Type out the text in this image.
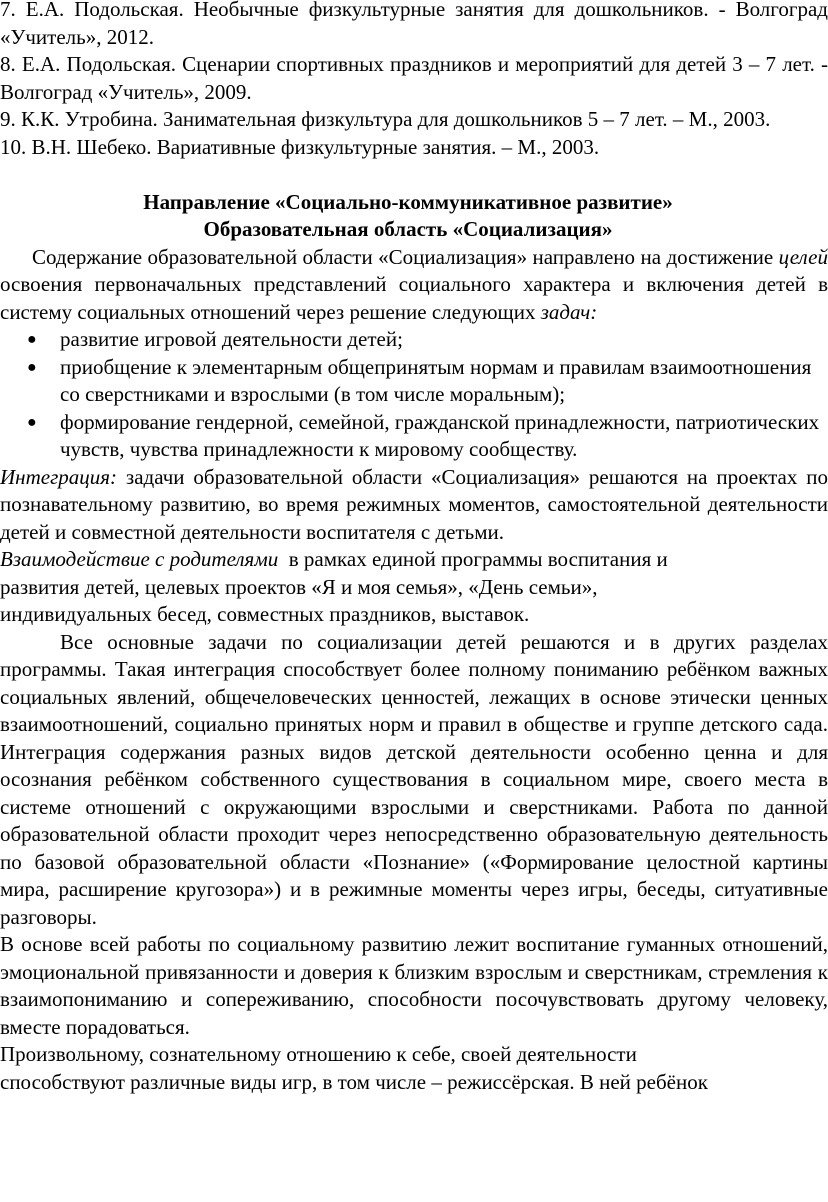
7. Е.А. Подольская. Необычные физкультурные занятия для дошкольников. - Волгоград «Учитель», 2012.

8. Е.А. Подольская. Сценарии спортивных праздников и мероприятий для детей 3 – 7 лет. - Волгоград «Учитель», 2009.

9. К.К. Утробина. Занимательная физкультура для дошкольников 5 – 7 лет. – М., 2003.

10. В.Н. Шебеко. Вариативные физкультурные занятия. – М., 2003.

Направление «Социально-коммуникативное развитие»

Образовательная область «Социализация»

Содержание образовательной области «Социализация» направлено на достижение целей освоения первоначальных представлений социального характера и включения детей в систему социальных отношений через решение следующих задач:

● развитие игровой деятельности детей;
● приобщение к элементарным общепринятым нормам и правилам взаимоотношения со сверстниками и взрослыми (в том числе моральным);
● формирование гендерной, семейной, гражданской принадлежности, патриотических чувств, чувства принадлежности к мировому сообществу.

Интеграция: задачи образовательной области «Социализация» решаются на проектах по познавательному развитию, во время режимных моментов, самостоятельной деятельности детей и совместной деятельности воспитателя с детьми.

Взаимодействие с родителями  в рамках единой программы воспитания и
развития детей, целевых проектов «Я и моя семья», «День семьи»,
индивидуальных бесед, совместных праздников, выставок.

Все основные задачи по социализации детей решаются и в других разделах программы. Такая интеграция способствует более полному пониманию ребёнком важных социальных явлений, общечеловеческих ценностей, лежащих в основе этически ценных взаимоотношений, социально принятых норм и правил в обществе и группе детского сада. Интеграция содержания разных видов детской деятельности особенно ценна и для осознания ребёнком собственного существования в социальном мире, своего места в системе отношений с окружающими взрослыми и сверстниками. Работа по данной образовательной области проходит через непосредственно образовательную деятельность по базовой образовательной области «Познание» («Формирование целостной картины мира, расширение кругозора») и в режимные моменты через игры, беседы, ситуативные разговоры.

В основе всей работы по социальному развитию лежит воспитание гуманных отношений, эмоциональной привязанности и доверия к близким взрослым и сверстникам, стремления к взаимопониманию и сопереживанию, способности посочувствовать другому человеку, вместе порадоваться.

Произвольному, сознательному отношению к себе, своей деятельности
способствуют различные виды игр, в том числе – режиссёрская. В ней ребёнок
